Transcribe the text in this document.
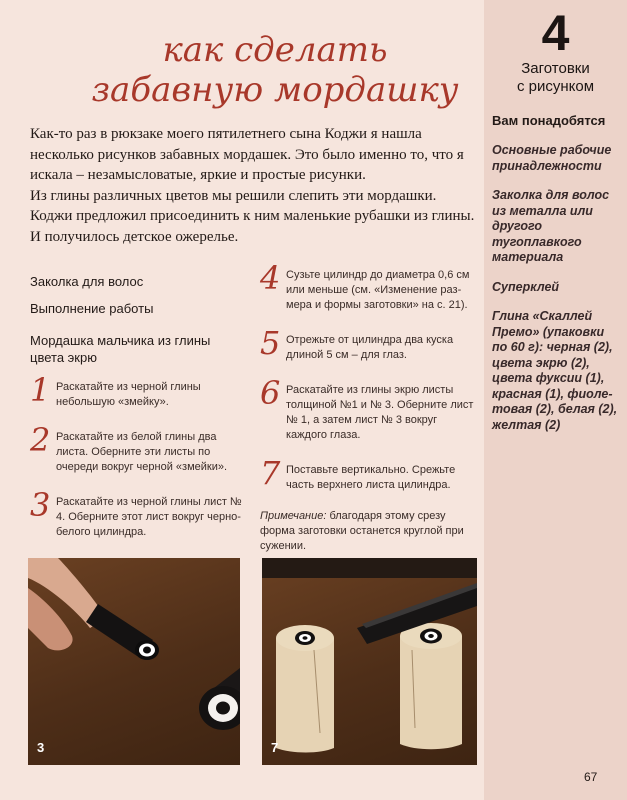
4
Заготовки
с рисунком
Вам понадобятся
Основные рабочие принадлежности
Заколка для волос из металла или другого тугоплавкого материала
Суперклей
Глина «Скаллей Премо» (упаковки по 60 г): черная (2), цвета экрю (2), цвета фуксии (1), красная (1), фиоле-товая (2), белая (2), желтая (2)
как сделать
забавную мордашку

Как-то раз в рюкзаке моего пятилетнего сына Коджи я нашла несколько рисунков забавных мордашек. Это было именно то, что я искала – незамысловатые, яркие и простые рисунки.

Из глины различных цветов мы решили слепить эти мордашки. Коджи предложил присоединить к ним маленькие рубашки из глины. И получилось детское ожерелье.

Заколка для волос
Выполнение работы
Мордашка мальчика из глины цвета экрю
1 Раскатайте из черной глины небольшую «змейку».
2 Раскатайте из белой глины два листа. Оберните эти листы по очереди вокруг черной «змейки».
3 Раскатайте из черной глины лист № 4. Оберните этот лист вокруг черно-белого цилиндра.
4 Сузьте цилиндр до диаметра 0,6 см или меньше (см. «Изменение раз-мера и формы заготовки» на с. 21).
5 Отрежьте от цилиндра два куска длиной 5 см – для глаз.
6 Раскатайте из глины экрю листы толщиной №1 и № 3. Оберните лист № 1, а затем лист № 3 вокруг каждого глаза.
7 Поставьте вертикально. Срежьте часть верхнего листа цилиндра.
Примечание: благодаря этому срезу форма заготовки останется круглой при сужении.
3	7
67
